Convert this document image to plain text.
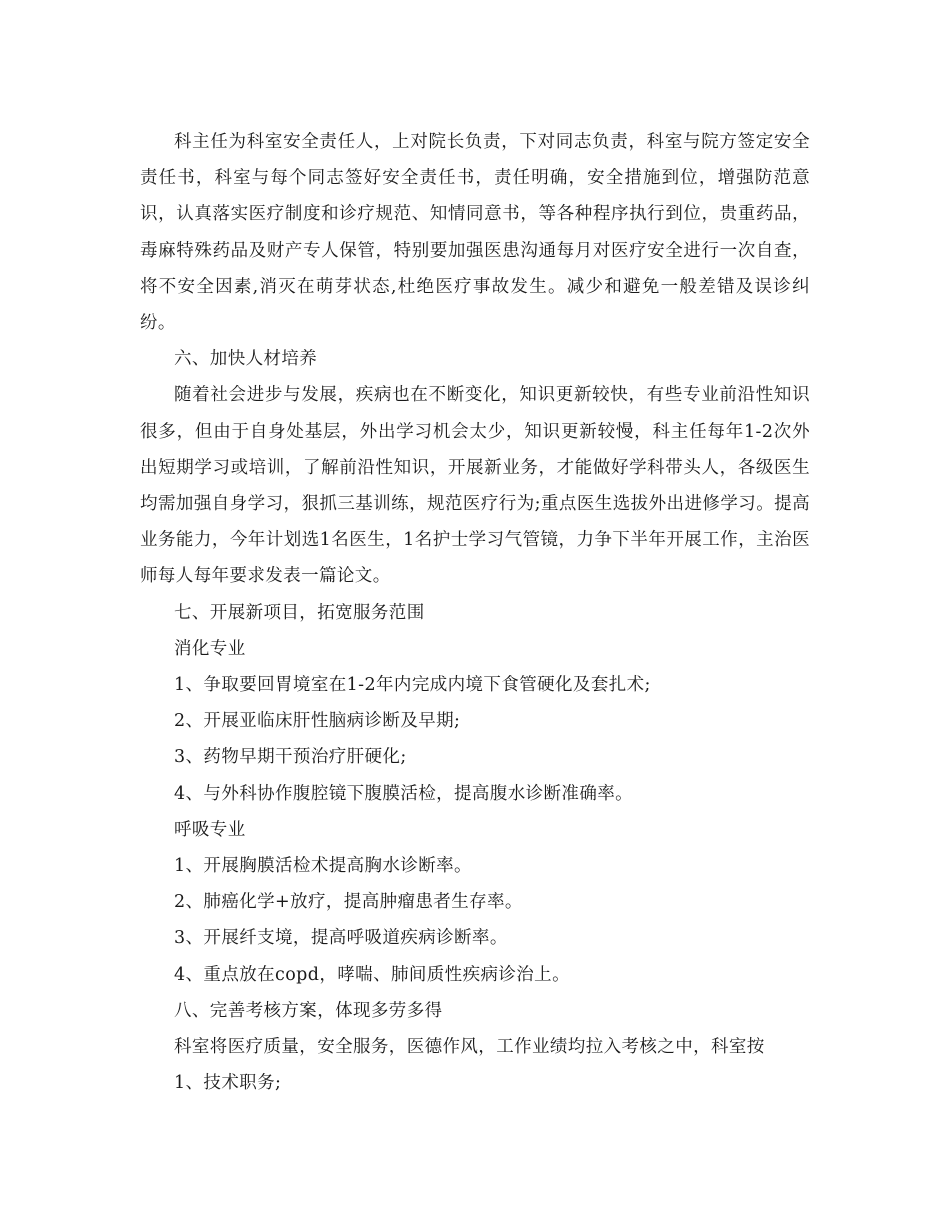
科主任为科室安全责任人，上对院长负责，下对同志负责，科室与院方签定安全责任书，科室与每个同志签好安全责任书，责任明确，安全措施到位，增强防范意识，认真落实医疗制度和诊疗规范、知情同意书，等各种程序执行到位，贵重药品，毒麻特殊药品及财产专人保管，特别要加强医患沟通每月对医疗安全进行一次自查，将不安全因素,消灭在萌芽状态,杜绝医疗事故发生。减少和避免一般差错及误诊纠纷。

六、加快人材培养

随着社会进步与发展，疾病也在不断变化，知识更新较快，有些专业前沿性知识很多，但由于自身处基层，外出学习机会太少，知识更新较慢，科主任每年1-2次外出短期学习或培训，了解前沿性知识，开展新业务，才能做好学科带头人，各级医生均需加强自身学习，狠抓三基训练，规范医疗行为;重点医生选拔外出进修学习。提高业务能力，今年计划选1名医生，1名护士学习气管镜，力争下半年开展工作，主治医师每人每年要求发表一篇论文。

七、开展新项目，拓宽服务范围

消化专业

1、争取要回胃境室在1-2年内完成内境下食管硬化及套扎术;

2、开展亚临床肝性脑病诊断及早期;

3、药物早期干预治疗肝硬化;

4、与外科协作腹腔镜下腹膜活检，提高腹水诊断准确率。

呼吸专业

1、开展胸膜活检术提高胸水诊断率。

2、肺癌化学+放疗，提高肿瘤患者生存率。

3、开展纤支境，提高呼吸道疾病诊断率。

4、重点放在copd，哮喘、肺间质性疾病诊治上。

八、完善考核方案，体现多劳多得

科室将医疗质量，安全服务，医德作风，工作业绩均拉入考核之中，科室按

1、技术职务;
